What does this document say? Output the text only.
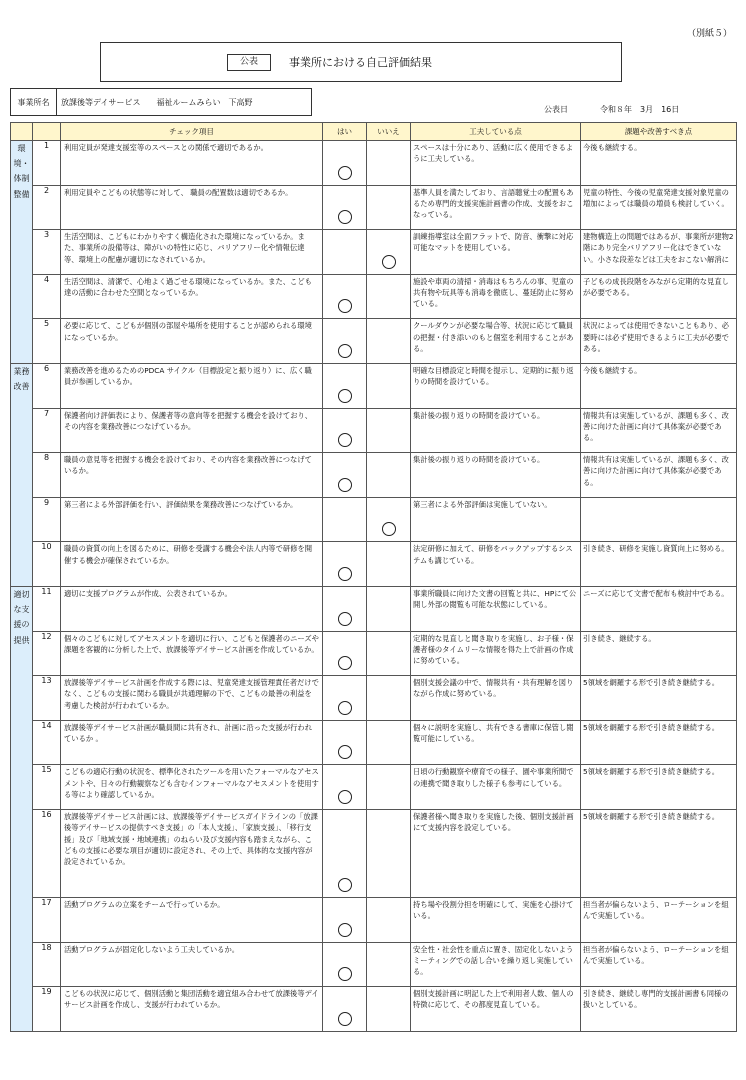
（別紙５）
公表	事業所における自己評価結果
事業所名	放課後等デイサービス　　福祉ルームみらい　下高野
公表日　　　　令和８年　3月　16日
		チェック項目	はい	いいえ	工夫している点	課題や改善すべき点
環境・体制整備	1	利用定員が発達支援室等のスペースとの関係で適切であるか。			スペースは十分にあり、活動に広く使用できるように工夫している。	今後も継続する。
	2	利用定員やこどもの状態等に対して、 職員の配置数は適切であるか。			基準人員を満たしており、言語聴覚士の配置もあるため専門的支援実施計画書の作成、支援をおこなっている。	児童の特性、今後の児童発達支援対象児童の増加によっては職員の増員も検討していく。
	3	生活空間は、こどもにわかりやすく構造化された環境になっているか。また、事業所の設備等は、障がいの特性に応じ、バリアフリー化や情報伝達等、環境上の配慮が適切になされているか。			訓練指導室は全面フラットで、防音、衝撃に対応可能なマットを使用している。	建物構造上の問題ではあるが、事業所が建物2階にあり完全バリアフリー化はできていない。小さな段差などは工夫をおこない解消に
	4	生活空間は、清潔で、心地よく過ごせる環境になっているか。また、こども達の活動に合わせた空間となっているか。			施設や車両の清掃・消毒はもちろんの事、児童の共有物や玩具等も消毒を徹底し、蔓延防止に努めている。	子どもの成長段階をみながら定期的な見直しが必要である。
	5	必要に応じて、こどもが個別の部屋や場所を使用することが認められる環境になっているか。			クールダウンが必要な場合等、状況に応じて職員の把握・付き添いのもと個室を利用することがある。	状況によっては使用できないこともあり、必要時には必ず使用できるように工夫が必要である。
業務改善	6	業務改善を進めるためのPDCA サイクル（目標設定と振り返り）に、広く職員が参画しているか。			明確な目標設定と時間を提示し、定期的に振り返りの時間を設けている。	今後も継続する。
	7	保護者向け評価表により、保護者等の意向等を把握する機会を設けており、その内容を業務改善につなげているか。			集計後の振り返りの時間を設けている。	情報共有は実施しているが、課題も多く、改善に向けた計画に向けて具体案が必要である。
	8	職員の意見等を把握する機会を設けており、その内容を業務改善につなげているか。			集計後の振り返りの時間を設けている。	情報共有は実施しているが、課題も多く、改善に向けた計画に向けて具体案が必要である。
	9	第三者による外部評価を行い、評価結果を業務改善につなげているか。			第三者による外部評価は実施していない。	
	10	職員の資質の向上を図るために、研修を受講する機会や法人内等で研修を開催する機会が確保されているか。			法定研修に加えて、研修をバックアップするシステムも講じている。	引き続き、研修を実施し資質向上に努める。
適切な支援の提供	11	適切に支援プログラムが作成、公表されているか。			事業所職員に向けた文書の回覧と共に、HPにて公開し外部の閲覧も可能な状態にしている。	ニーズに応じて文書で配布も検討中である。
	12	個々のこどもに対してアセスメントを適切に行い、こどもと保護者のニーズや課題を客観的に分析した上で、放課後等デイサービス計画を作成しているか。			定期的な見直しと聞き取りを実施し、お子様・保護者様のタイムリーな情報を得た上で計画の作成に努めている。	引き続き、継続する。
	13	放課後等デイサービス計画を作成する際には、児童発達支援管理責任者だけでなく、こどもの支援に関わる職員が共通理解の下で、こどもの最善の利益を考慮した検討が行われているか。			個別支援会議の中で、情報共有・共有理解を図りながら作成に努めている。	5領域を網羅する形で引き続き継続する。
	14	放課後等デイサービス計画が職員間に共有され、計画に沿った支援が行われているか 。			個々に説明を実施し、共有できる書庫に保管し閲覧可能にしている。	5領域を網羅する形で引き続き継続する。
	15	こどもの適応行動の状況を、標準化されたツールを用いたフォーマルなアセスメントや、日々の行動観察なども含むインフォーマルなアセスメントを使用する等により確認しているか。			日頃の行動観察や療育での様子、園や事業所間での連携で聞き取りした様子も参考にしている。	5領域を網羅する形で引き続き継続する。
	16	放課後等デイサービス計画には、放課後等デイサービスガイドラインの「放課後等デイサービスの提供すべき支援」の「本人支援」、「家族支援」、「移行支援」及び「地域支援・地域連携」のねらい及び支援内容も踏まえながら、こどもの支援に必要な項目が適切に設定され、その上で、具体的な支援内容が設定されているか。			保護者様へ聞き取りを実施した後、個別支援計画にて支援内容を設定している。	5領域を網羅する形で引き続き継続する。
	17	活動プログラムの立案をチームで行っているか。			持ち場や役割分担を明確にして、実施を心掛けている。	担当者が偏らないよう、ローテーションを組んで実施している。
	18	活動プログラムが固定化しないよう工夫しているか。			安全性・社会性を重点に置き、固定化しないようミーティングでの話し合いを繰り返し実施している。	担当者が偏らないよう、ローテーションを組んで実施している。
	19	こどもの状況に応じて、個別活動と集団活動を適宜組み合わせて放課後等デイサービス計画を作成し、支援が行われているか。			個別支援計画に明記した上で利用者人数、個人の特徴に応じて、その都度見直している。	引き続き、継続し専門的支援計画書も同様の扱いとしている。
